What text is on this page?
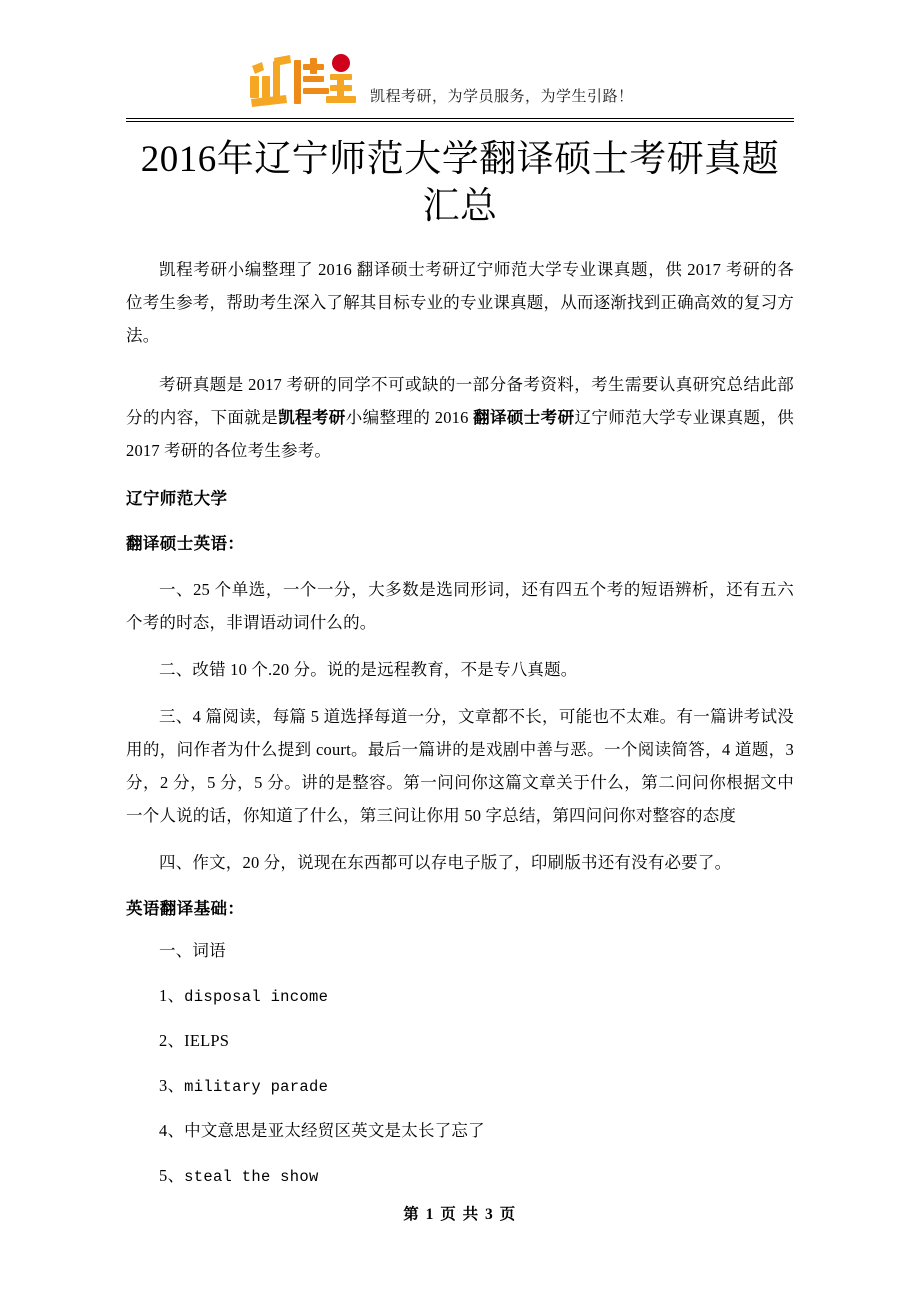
凯程考研，为学员服务，为学生引路！
2016年辽宁师范大学翻译硕士考研真题汇总

凯程考研小编整理了 2016 翻译硕士考研辽宁师范大学专业课真题，供 2017 考研的各位考生参考，帮助考生深入了解其目标专业的专业课真题，从而逐渐找到正确高效的复习方法。

考研真题是 2017 考研的同学不可或缺的一部分备考资料，考生需要认真研究总结此部分的内容，下面就是凯程考研小编整理的 2016 翻译硕士考研辽宁师范大学专业课真题，供 2017 考研的各位考生参考。

辽宁师范大学

翻译硕士英语：

一、25 个单选，一个一分，大多数是选同形词，还有四五个考的短语辨析，还有五六个考的时态，非谓语动词什么的。

二、改错 10 个.20 分。说的是远程教育，不是专八真题。

三、4 篇阅读，每篇 5 道选择每道一分，文章都不长，可能也不太难。有一篇讲考试没用的，问作者为什么提到 court。最后一篇讲的是戏剧中善与恶。一个阅读简答，4 道题，3 分，2 分，5 分，5 分。讲的是整容。第一问问你这篇文章关于什么，第二问问你根据文中一个人说的话，你知道了什么，第三问让你用 50 字总结，第四问问你对整容的态度

四、作文，20 分，说现在东西都可以存电子版了，印刷版书还有没有必要了。

英语翻译基础：

一、词语

1、disposal income

2、IELPS

3、military parade

4、中文意思是亚太经贸区英文是太长了忘了

5、steal the show

第 1 页 共 3 页
